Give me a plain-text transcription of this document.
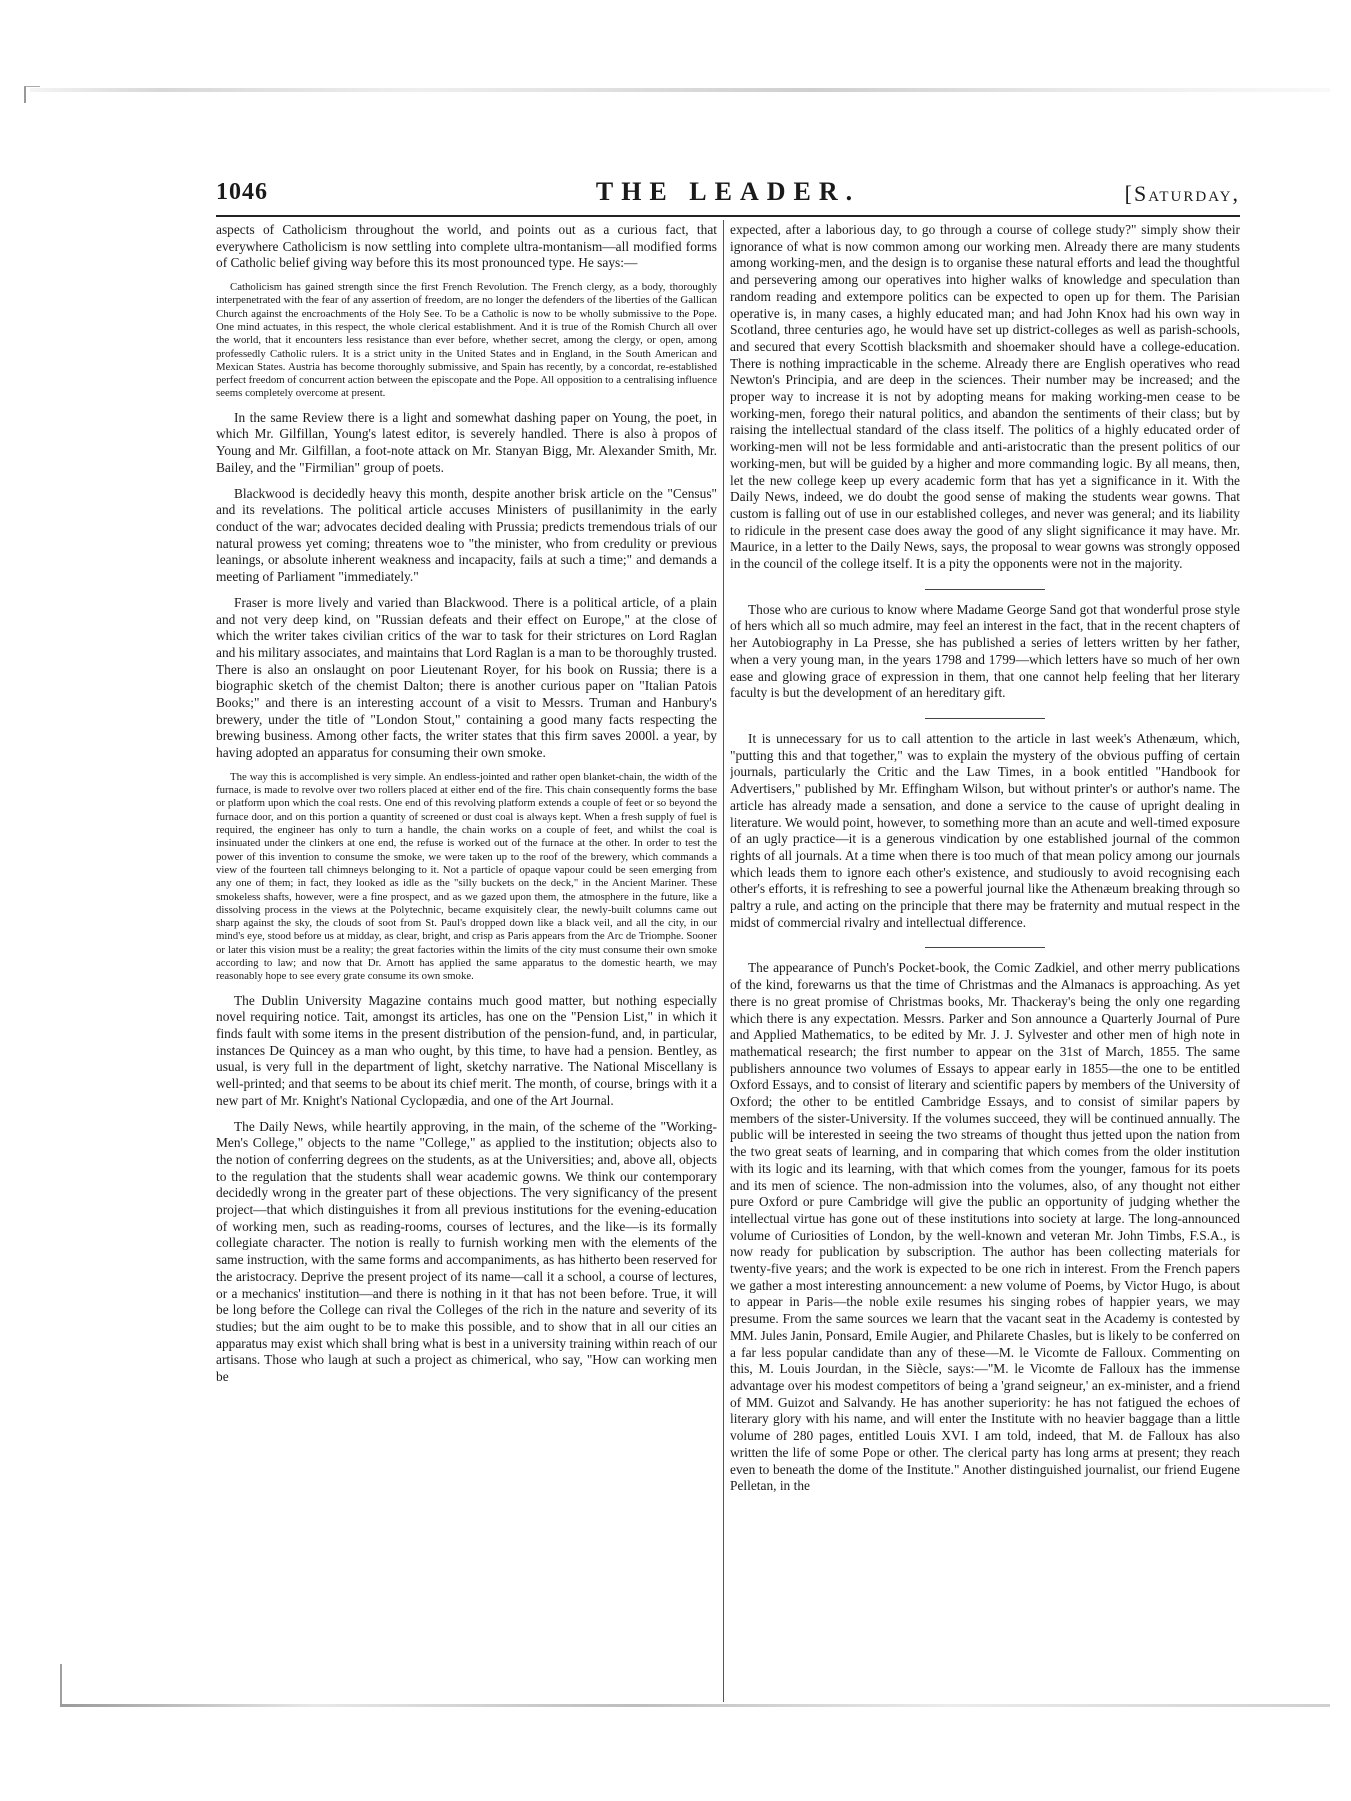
1046	THE LEADER.	[Saturday,

aspects of Catholicism throughout the world, and points out as a curious fact, that everywhere Catholicism is now settling into complete ultra-montanism—all modified forms of Catholic belief giving way before this its most pronounced type. He says:—

Catholicism has gained strength since the first French Revolution. The French clergy, as a body, thoroughly interpenetrated with the fear of any assertion of freedom, are no longer the defenders of the liberties of the Gallican Church against the encroachments of the Holy See. To be a Catholic is now to be wholly submissive to the Pope. One mind actuates, in this respect, the whole clerical establishment. And it is true of the Romish Church all over the world, that it encounters less resistance than ever before, whether secret, among the clergy, or open, among professedly Catholic rulers. It is a strict unity in the United States and in England, in the South American and Mexican States. Austria has become thoroughly submissive, and Spain has recently, by a concordat, re-established perfect freedom of concurrent action between the episcopate and the Pope. All opposition to a centralising influence seems completely overcome at present.

In the same Review there is a light and somewhat dashing paper on Young, the poet, in which Mr. Gilfillan, Young's latest editor, is severely handled. There is also à propos of Young and Mr. Gilfillan, a foot-note attack on Mr. Stanyan Bigg, Mr. Alexander Smith, Mr. Bailey, and the "Firmilian" group of poets.

Blackwood is decidedly heavy this month, despite another brisk article on the "Census" and its revelations. The political article accuses Ministers of pusillanimity in the early conduct of the war; advocates decided dealing with Prussia; predicts tremendous trials of our natural prowess yet coming; threatens woe to "the minister, who from credulity or previous leanings, or absolute inherent weakness and incapacity, fails at such a time;" and demands a meeting of Parliament "immediately."

Fraser is more lively and varied than Blackwood. There is a political article, of a plain and not very deep kind, on "Russian defeats and their effect on Europe," at the close of which the writer takes civilian critics of the war to task for their strictures on Lord Raglan and his military associates, and maintains that Lord Raglan is a man to be thoroughly trusted. There is also an onslaught on poor Lieutenant Royer, for his book on Russia; there is a biographic sketch of the chemist Dalton; there is another curious paper on "Italian Patois Books;" and there is an interesting account of a visit to Messrs. Truman and Hanbury's brewery, under the title of "London Stout," containing a good many facts respecting the brewing business. Among other facts, the writer states that this firm saves 2000l. a year, by having adopted an apparatus for consuming their own smoke.

The way this is accomplished is very simple. An endless-jointed and rather open blanket-chain, the width of the furnace, is made to revolve over two rollers placed at either end of the fire. This chain consequently forms the base or platform upon which the coal rests. One end of this revolving platform extends a couple of feet or so beyond the furnace door, and on this portion a quantity of screened or dust coal is always kept. When a fresh supply of fuel is required, the engineer has only to turn a handle, the chain works on a couple of feet, and whilst the coal is insinuated under the clinkers at one end, the refuse is worked out of the furnace at the other. In order to test the power of this invention to consume the smoke, we were taken up to the roof of the brewery, which commands a view of the fourteen tall chimneys belonging to it. Not a particle of opaque vapour could be seen emerging from any one of them; in fact, they looked as idle as the "silly buckets on the deck," in the Ancient Mariner. These smokeless shafts, however, were a fine prospect, and as we gazed upon them, the atmosphere in the future, like a dissolving process in the views at the Polytechnic, became exquisitely clear, the newly-built columns came out sharp against the sky, the clouds of soot from St. Paul's dropped down like a black veil, and all the city, in our mind's eye, stood before us at midday, as clear, bright, and crisp as Paris appears from the Arc de Triomphe. Sooner or later this vision must be a reality; the great factories within the limits of the city must consume their own smoke according to law; and now that Dr. Arnott has applied the same apparatus to the domestic hearth, we may reasonably hope to see every grate consume its own smoke.

The Dublin University Magazine contains much good matter, but nothing especially novel requiring notice. Tait, amongst its articles, has one on the "Pension List," in which it finds fault with some items in the present distribution of the pension-fund, and, in particular, instances De Quincey as a man who ought, by this time, to have had a pension. Bentley, as usual, is very full in the department of light, sketchy narrative. The National Miscellany is well-printed; and that seems to be about its chief merit. The month, of course, brings with it a new part of Mr. Knight's National Cyclopædia, and one of the Art Journal.

The Daily News, while heartily approving, in the main, of the scheme of the "Working-Men's College," objects to the name "College," as applied to the institution; objects also to the notion of conferring degrees on the students, as at the Universities; and, above all, objects to the regulation that the students shall wear academic gowns. We think our contemporary decidedly wrong in the greater part of these objections. The very significancy of the present project—that which distinguishes it from all previous institutions for the evening-education of working men, such as reading-rooms, courses of lectures, and the like—is its formally collegiate character. The notion is really to furnish working men with the elements of the same instruction, with the same forms and accompaniments, as has hitherto been reserved for the aristocracy. Deprive the present project of its name—call it a school, a course of lectures, or a mechanics' institution—and there is nothing in it that has not been before. True, it will be long before the College can rival the Colleges of the rich in the nature and severity of its studies; but the aim ought to be to make this possible, and to show that in all our cities an apparatus may exist which shall bring what is best in a university training within reach of our artisans. Those who laugh at such a project as chimerical, who say, "How can working men be

expected, after a laborious day, to go through a course of college study?" simply show their ignorance of what is now common among our working men. Already there are many students among working-men, and the design is to organise these natural efforts and lead the thoughtful and persevering among our operatives into higher walks of knowledge and speculation than random reading and extempore politics can be expected to open up for them. The Parisian operative is, in many cases, a highly educated man; and had John Knox had his own way in Scotland, three centuries ago, he would have set up district-colleges as well as parish-schools, and secured that every Scottish blacksmith and shoemaker should have a college-education. There is nothing impracticable in the scheme. Already there are English operatives who read Newton's Principia, and are deep in the sciences. Their number may be increased; and the proper way to increase it is not by adopting means for making working-men cease to be working-men, forego their natural politics, and abandon the sentiments of their class; but by raising the intellectual standard of the class itself. The politics of a highly educated order of working-men will not be less formidable and anti-aristocratic than the present politics of our working-men, but will be guided by a higher and more commanding logic. By all means, then, let the new college keep up every academic form that has yet a significance in it. With the Daily News, indeed, we do doubt the good sense of making the students wear gowns. That custom is falling out of use in our established colleges, and never was general; and its liability to ridicule in the present case does away the good of any slight significance it may have. Mr. Maurice, in a letter to the Daily News, says, the proposal to wear gowns was strongly opposed in the council of the college itself. It is a pity the opponents were not in the majority.

Those who are curious to know where Madame George Sand got that wonderful prose style of hers which all so much admire, may feel an interest in the fact, that in the recent chapters of her Autobiography in La Presse, she has published a series of letters written by her father, when a very young man, in the years 1798 and 1799—which letters have so much of her own ease and glowing grace of expression in them, that one cannot help feeling that her literary faculty is but the development of an hereditary gift.

It is unnecessary for us to call attention to the article in last week's Athenæum, which, "putting this and that together," was to explain the mystery of the obvious puffing of certain journals, particularly the Critic and the Law Times, in a book entitled "Handbook for Advertisers," published by Mr. Effingham Wilson, but without printer's or author's name. The article has already made a sensation, and done a service to the cause of upright dealing in literature. We would point, however, to something more than an acute and well-timed exposure of an ugly practice—it is a generous vindication by one established journal of the common rights of all journals. At a time when there is too much of that mean policy among our journals which leads them to ignore each other's existence, and studiously to avoid recognising each other's efforts, it is refreshing to see a powerful journal like the Athenæum breaking through so paltry a rule, and acting on the principle that there may be fraternity and mutual respect in the midst of commercial rivalry and intellectual difference.

The appearance of Punch's Pocket-book, the Comic Zadkiel, and other merry publications of the kind, forewarns us that the time of Christmas and the Almanacs is approaching. As yet there is no great promise of Christmas books, Mr. Thackeray's being the only one regarding which there is any expectation. Messrs. Parker and Son announce a Quarterly Journal of Pure and Applied Mathematics, to be edited by Mr. J. J. Sylvester and other men of high note in mathematical research; the first number to appear on the 31st of March, 1855. The same publishers announce two volumes of Essays to appear early in 1855—the one to be entitled Oxford Essays, and to consist of literary and scientific papers by members of the University of Oxford; the other to be entitled Cambridge Essays, and to consist of similar papers by members of the sister-University. If the volumes succeed, they will be continued annually. The public will be interested in seeing the two streams of thought thus jetted upon the nation from the two great seats of learning, and in comparing that which comes from the older institution with its logic and its learning, with that which comes from the younger, famous for its poets and its men of science. The non-admission into the volumes, also, of any thought not either pure Oxford or pure Cambridge will give the public an opportunity of judging whether the intellectual virtue has gone out of these institutions into society at large. The long-announced volume of Curiosities of London, by the well-known and veteran Mr. John Timbs, F.S.A., is now ready for publication by subscription. The author has been collecting materials for twenty-five years; and the work is expected to be one rich in interest. From the French papers we gather a most interesting announcement: a new volume of Poems, by Victor Hugo, is about to appear in Paris—the noble exile resumes his singing robes of happier years, we may presume. From the same sources we learn that the vacant seat in the Academy is contested by MM. Jules Janin, Ponsard, Emile Augier, and Philarete Chasles, but is likely to be conferred on a far less popular candidate than any of these—M. le Vicomte de Falloux. Commenting on this, M. Louis Jourdan, in the Siècle, says:—"M. le Vicomte de Falloux has the immense advantage over his modest competitors of being a 'grand seigneur,' an ex-minister, and a friend of MM. Guizot and Salvandy. He has another superiority: he has not fatigued the echoes of literary glory with his name, and will enter the Institute with no heavier baggage than a little volume of 280 pages, entitled Louis XVI. I am told, indeed, that M. de Falloux has also written the life of some Pope or other. The clerical party has long arms at present; they reach even to beneath the dome of the Institute." Another distinguished journalist, our friend Eugene Pelletan, in the
